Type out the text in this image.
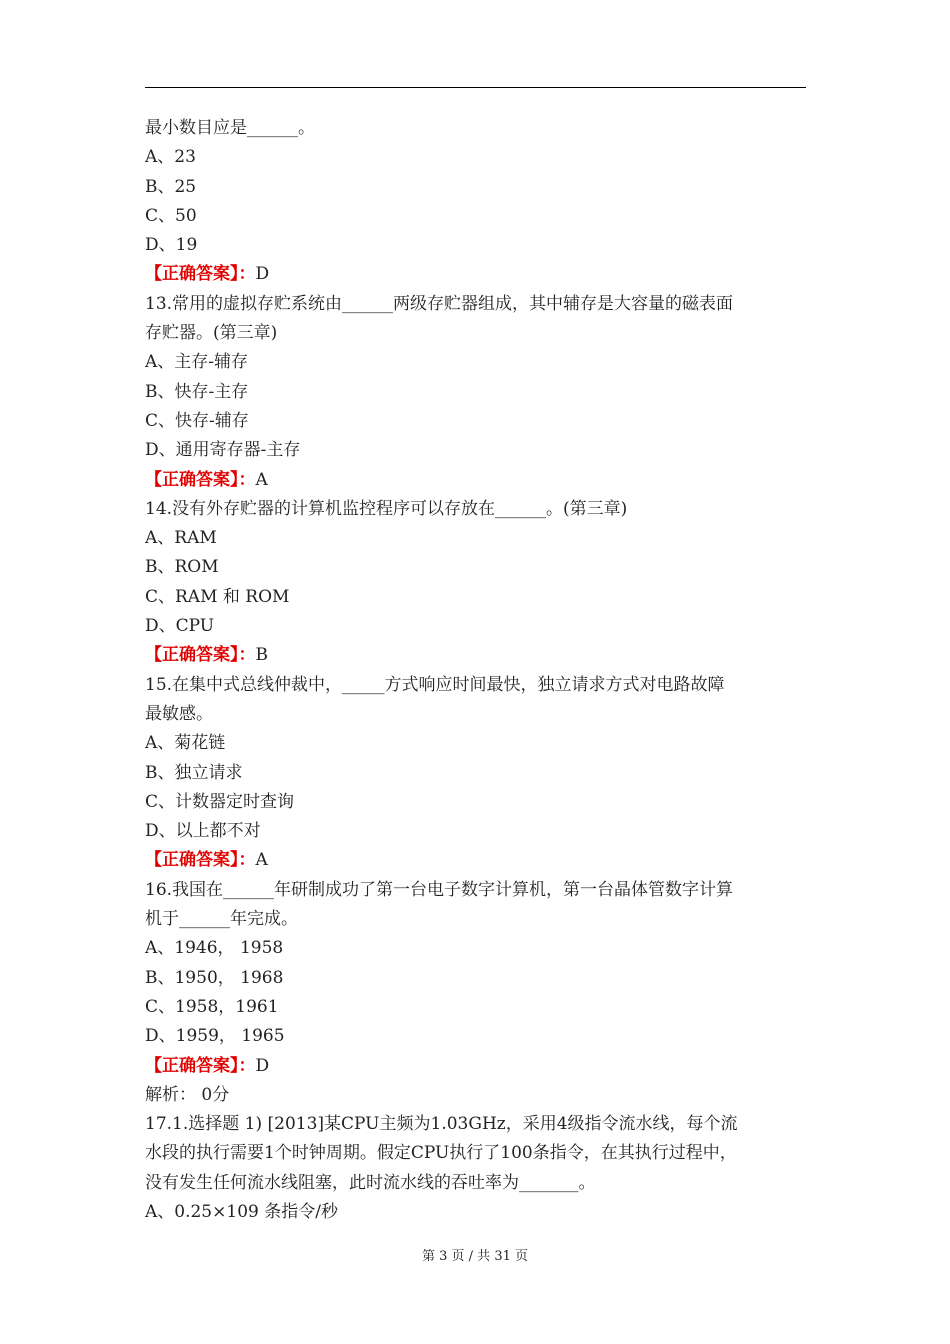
最小数目应是______。
A、23
B、25
C、50
D、19
【正确答案】：D
13.常用的虚拟存贮系统由______两级存贮器组成，其中辅存是大容量的磁表面
存贮器。(第三章)
A、主存-辅存
B、快存-主存
C、快存-辅存
D、通用寄存器-主存
【正确答案】：A
14.没有外存贮器的计算机监控程序可以存放在______。(第三章)
A、RAM
B、ROM
C、RAM 和 ROM
D、CPU
【正确答案】：B
15.在集中式总线仲裁中，_____方式响应时间最快，独立请求方式对电路故障
最敏感。
A、菊花链
B、独立请求
C、计数器定时查询
D、以上都不对
【正确答案】：A
16.我国在______年研制成功了第一台电子数字计算机，第一台晶体管数字计算
机于______年完成。
A、1946， 1958
B、1950， 1968
C、1958，1961
D、1959， 1965
【正确答案】：D
解析： 0分
17.1.选择题 1) [2013]某CPU主频为1.03GHz，采用4级指令流水线，每个流
水段的执行需要1个时钟周期。假定CPU执行了100条指令，在其执行过程中，
没有发生任何流水线阻塞，此时流水线的吞吐率为_______。
A、0.25×109 条指令/秒
第 3 页 / 共 31 页
